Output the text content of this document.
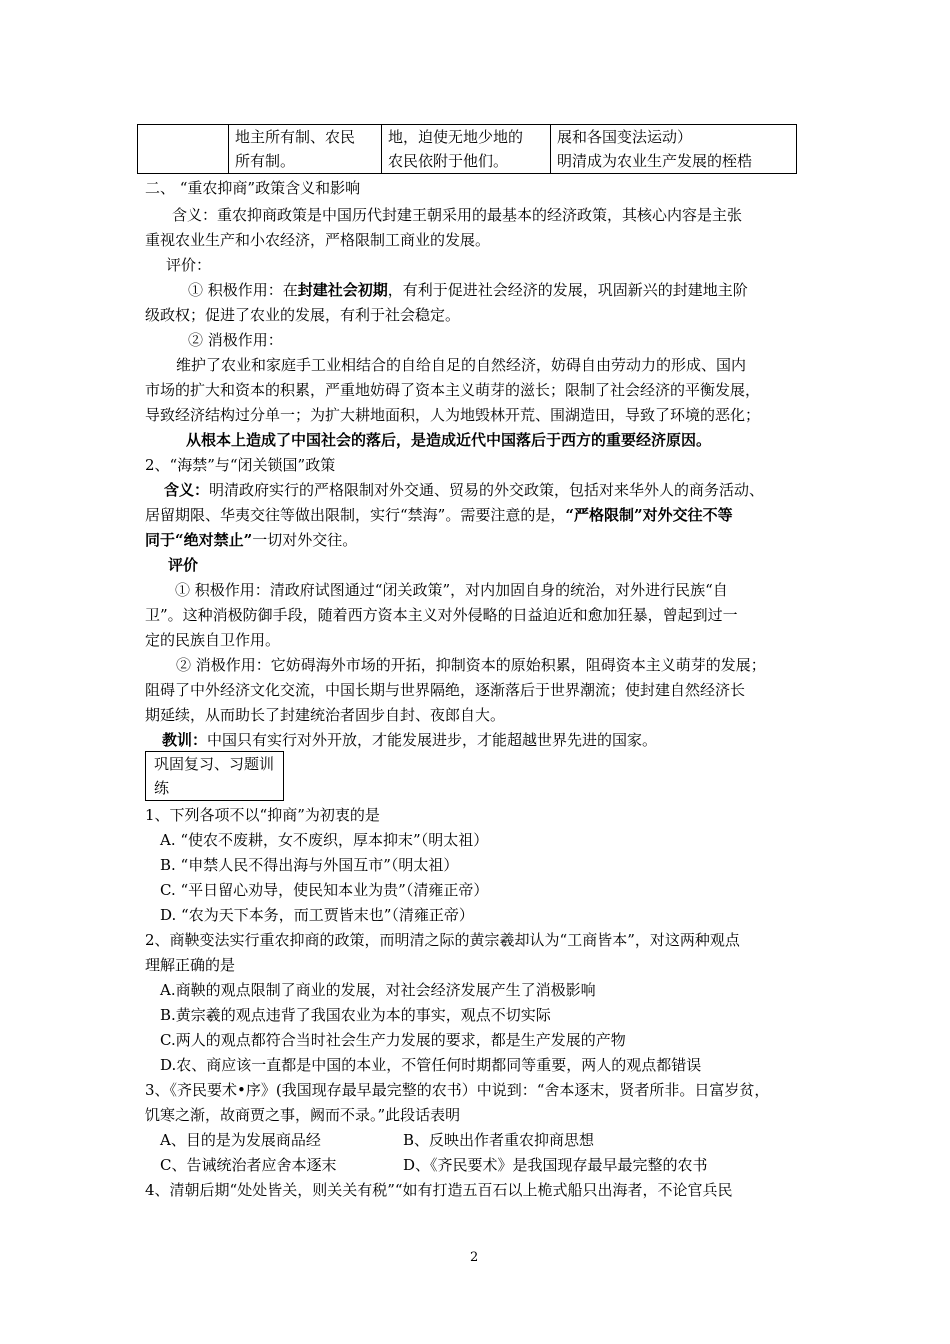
	地主所有制、农民	地，迫使无地少地的	展和各国变法运动）
	所有制。	农民依附于他们。	明清成为农业生产发展的桎梏
二、 “重农抑商”政策含义和影响
含义：重农抑商政策是中国历代封建王朝采用的最基本的经济政策，其核心内容是主张
重视农业生产和小农经济，严格限制工商业的发展。
评价：
① 积极作用：在封建社会初期，有利于促进社会经济的发展，巩固新兴的封建地主阶
级政权；促进了农业的发展，有利于社会稳定。
② 消极作用：
维护了农业和家庭手工业相结合的自给自足的自然经济，妨碍自由劳动力的形成、国内
市场的扩大和资本的积累，严重地妨碍了资本主义萌芽的滋长；限制了社会经济的平衡发展，
导致经济结构过分单一；为扩大耕地面积，人为地毁林开荒、围湖造田，导致了环境的恶化；
从根本上造成了中国社会的落后，是造成近代中国落后于西方的重要经济原因。
2、“海禁”与“闭关锁国”政策
含义：明清政府实行的严格限制对外交通、贸易的外交政策，包括对来华外人的商务活动、
居留期限、华夷交往等做出限制，实行“禁海”。需要注意的是，“严格限制”对外交往不等
同于“绝对禁止”一切对外交往。
评价
① 积极作用：清政府试图通过“闭关政策”，对内加固自身的统治，对外进行民族“自
卫”。这种消极防御手段，随着西方资本主义对外侵略的日益迫近和愈加狂暴，曾起到过一
定的民族自卫作用。
② 消极作用：它妨碍海外市场的开拓，抑制资本的原始积累，阻碍资本主义萌芽的发展；
阻碍了中外经济文化交流，中国长期与世界隔绝，逐渐落后于世界潮流；使封建自然经济长
期延续，从而助长了封建统治者固步自封、夜郎自大。
教训：中国只有实行对外开放，才能发展进步，才能超越世界先进的国家。
巩固复习、习题训练
1、下列各项不以“抑商”为初衷的是
A. “使农不废耕，女不废织，厚本抑末”（明太祖）
B. “申禁人民不得出海与外国互市”（明太祖）
C. “平日留心劝导，使民知本业为贵”（清雍正帝）
D. “农为天下本务，而工贾皆末也”（清雍正帝）
2、商鞅变法实行重农抑商的政策，而明清之际的黄宗羲却认为“工商皆本”，对这两种观点
理解正确的是
A.商鞅的观点限制了商业的发展，对社会经济发展产生了消极影响
B.黄宗羲的观点违背了我国农业为本的事实，观点不切实际
C.两人的观点都符合当时社会生产力发展的要求，都是生产发展的产物
D.农、商应该一直都是中国的本业，不管任何时期都同等重要，两人的观点都错误
3、《齐民要术•序》(我国现存最早最完整的农书）中说到：“舍本逐末，贤者所非。日富岁贫，
饥寒之渐，故商贾之事，阙而不录。”此段话表明
A、目的是为发展商品经	B、反映出作者重农抑商思想
C、告诫统治者应舍本逐末	D、《齐民要术》是我国现存最早最完整的农书
4、清朝后期“处处皆关，则关关有税”“如有打造五百石以上桅式船只出海者，不论官兵民
2
